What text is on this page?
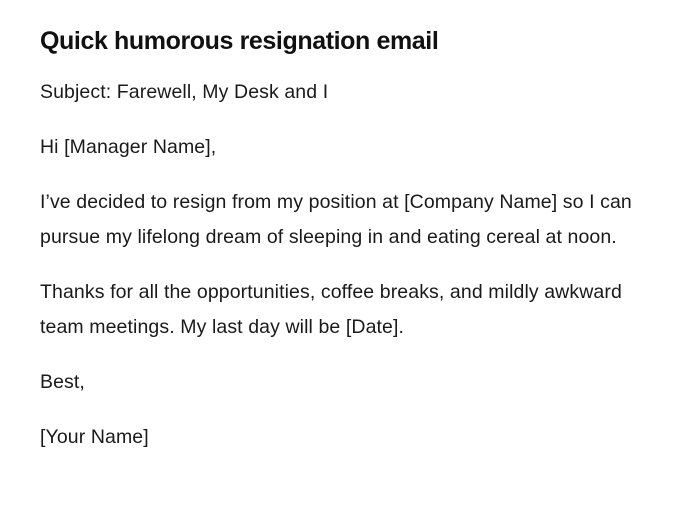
Quick humorous resignation email

Subject: Farewell, My Desk and I

Hi [Manager Name],

I’ve decided to resign from my position at [Company Name] so I can pursue my lifelong dream of sleeping in and eating cereal at noon.

Thanks for all the opportunities, coffee breaks, and mildly awkward team meetings. My last day will be [Date].

Best,

[Your Name]
